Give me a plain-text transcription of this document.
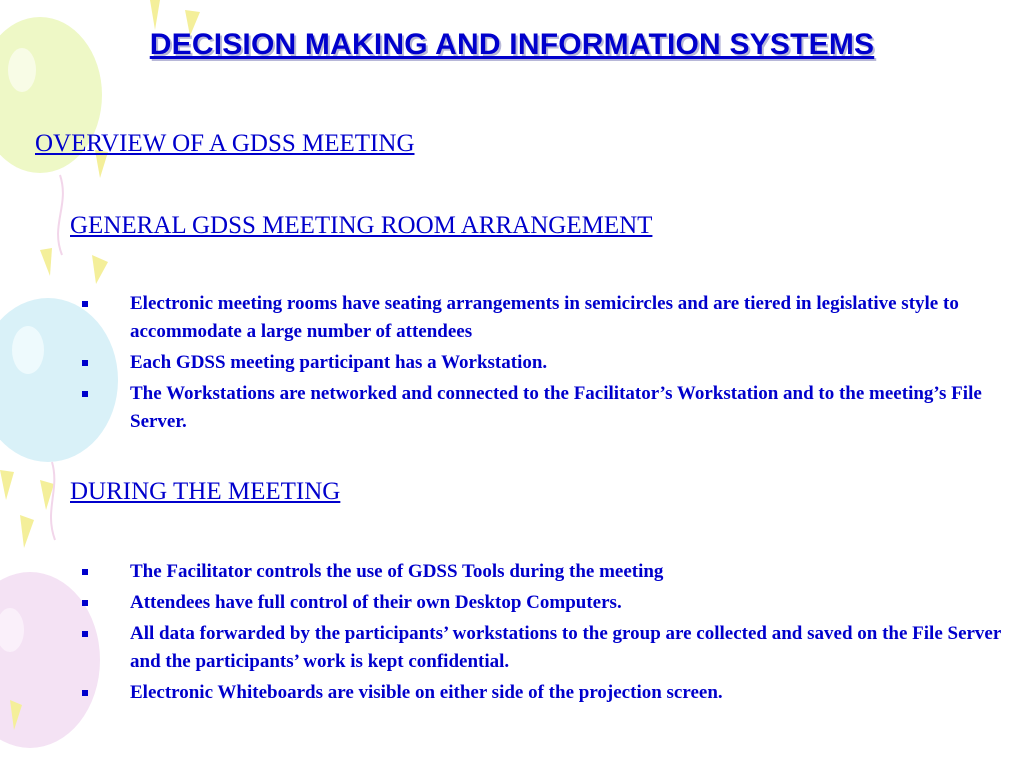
DECISION MAKING AND INFORMATION SYSTEMS
OVERVIEW OF A GDSS MEETING
GENERAL GDSS MEETING ROOM ARRANGEMENT
Electronic meeting rooms have seating arrangements in semicircles and are tiered in legislative style to accommodate a large number of attendees
Each GDSS meeting participant has a Workstation.
The Workstations are networked and connected to the Facilitator’s Workstation and to the meeting’s File Server.
DURING THE MEETING
The Facilitator controls the use of GDSS Tools during the meeting
Attendees have full control of their own Desktop Computers.
All data forwarded by the participants’ workstations to the group are collected and saved on the File Server and the participants’ work is kept confidential.
Electronic Whiteboards are visible on either side of the projection screen.
